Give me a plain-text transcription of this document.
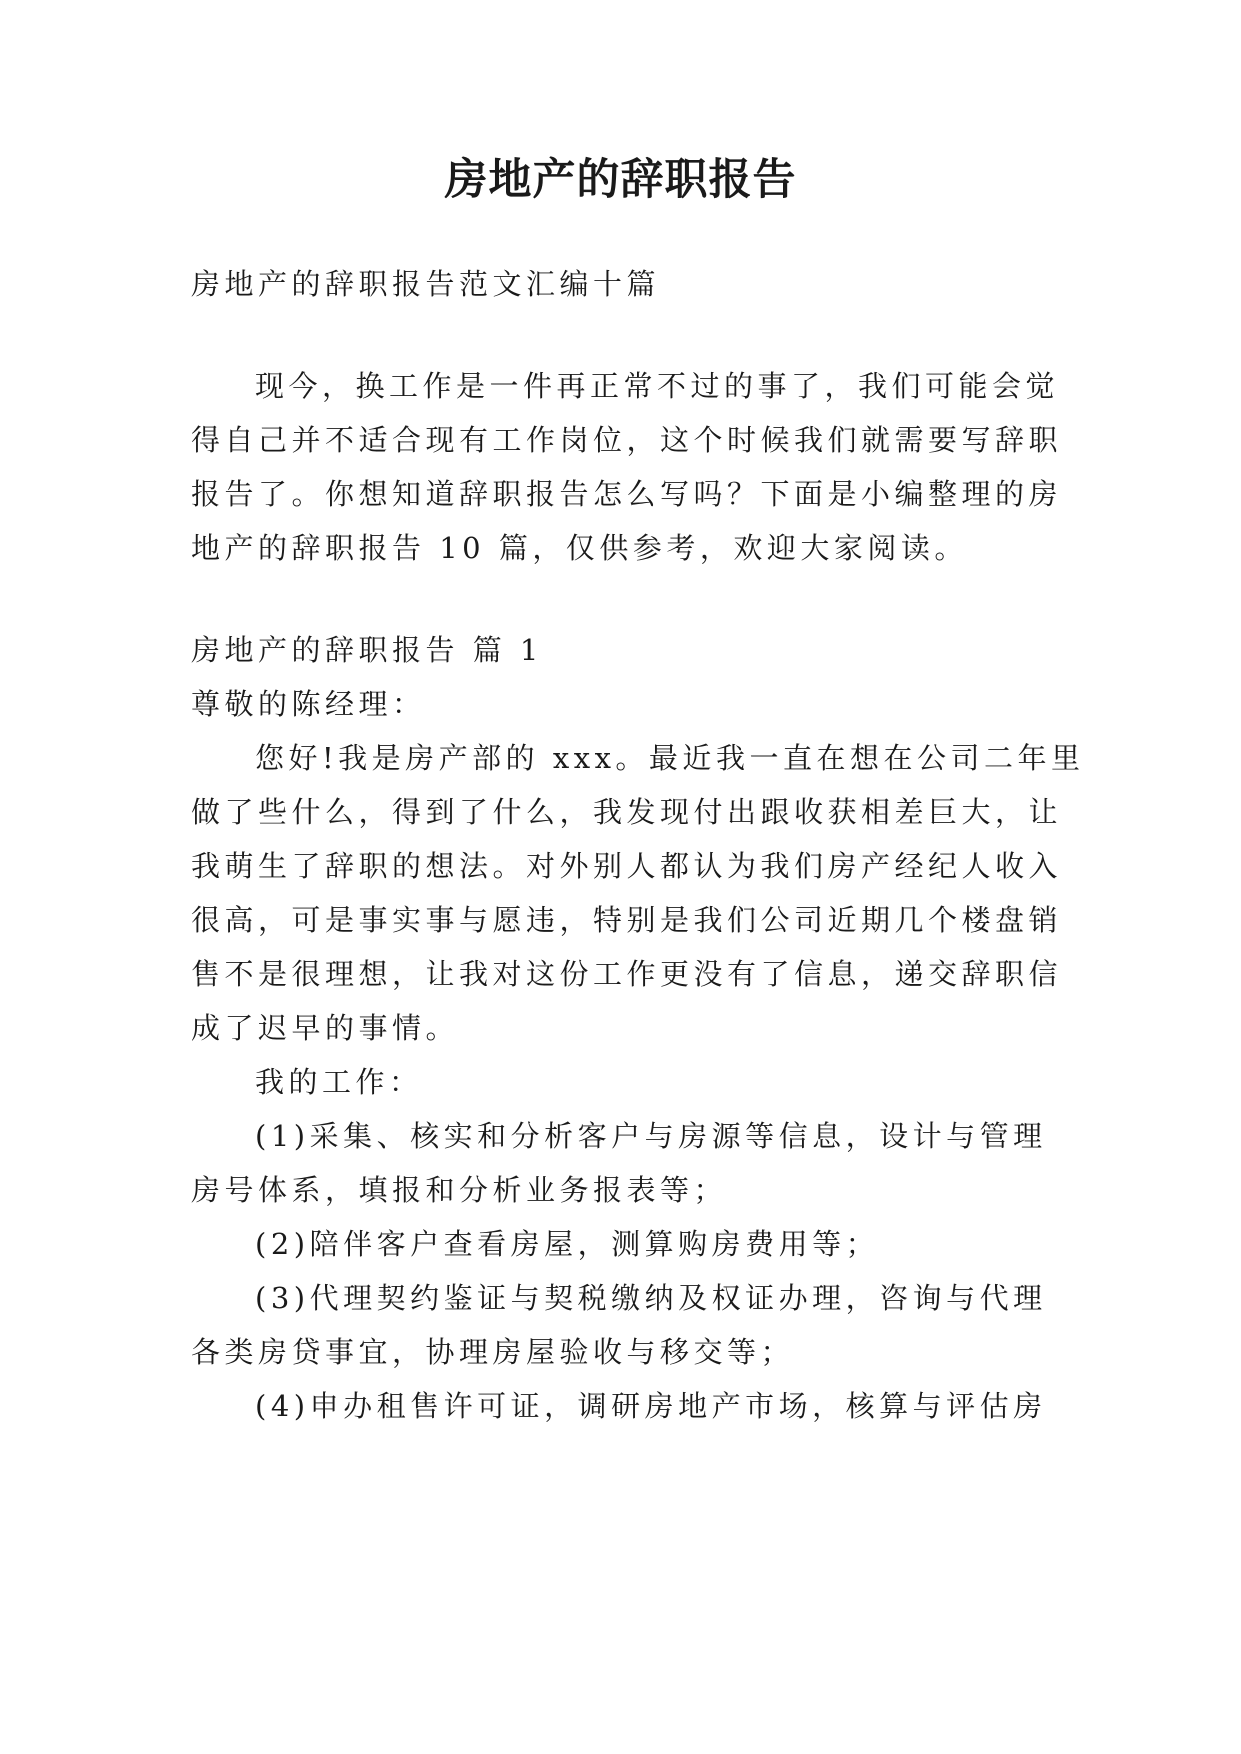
房地产的辞职报告
房地产的辞职报告范文汇编十篇
现今，换工作是一件再正常不过的事了，我们可能会觉
得自己并不适合现有工作岗位，这个时候我们就需要写辞职
报告了。你想知道辞职报告怎么写吗？下面是小编整理的房
地产的辞职报告 10 篇，仅供参考，欢迎大家阅读。
房地产的辞职报告 篇 1
尊敬的陈经理：
您好!我是房产部的 xxx。最近我一直在想在公司二年里
做了些什么，得到了什么，我发现付出跟收获相差巨大，让
我萌生了辞职的想法。对外别人都认为我们房产经纪人收入
很高，可是事实事与愿违，特别是我们公司近期几个楼盘销
售不是很理想，让我对这份工作更没有了信息，递交辞职信
成了迟早的事情。
我的工作：
(1)采集、核实和分析客户与房源等信息，设计与管理
房号体系，填报和分析业务报表等；
(2)陪伴客户查看房屋，测算购房费用等；
(3)代理契约鉴证与契税缴纳及权证办理，咨询与代理
各类房贷事宜，协理房屋验收与移交等；
(4)申办租售许可证，调研房地产市场，核算与评估房
